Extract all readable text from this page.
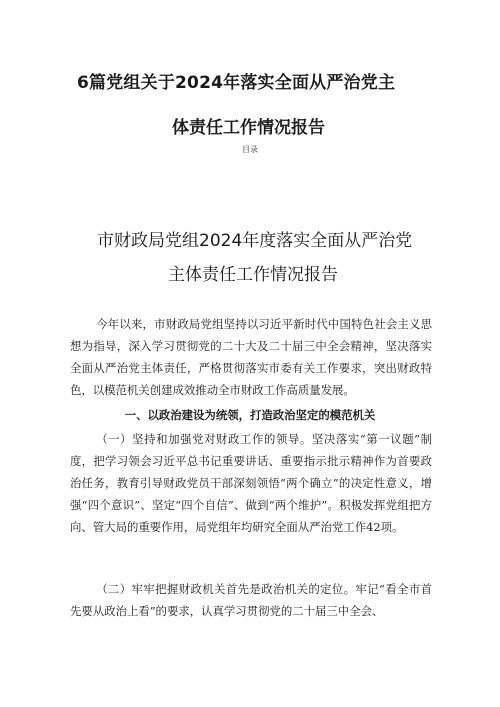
6篇党组关于2024年落实全面从严治党主
体责任工作情况报告
目录
市财政局党组2024年度落实全面从严治党
主体责任工作情况报告

今年以来，市财政局党组坚持以习近平新时代中国特色社会主义思想为指导，深入学习贯彻党的二十大及二十届三中全会精神，坚决落实全面从严治党主体责任，严格贯彻落实市委有关工作要求，突出财政特色，以模范机关创建成效推动全市财政工作高质量发展。

一、以政治建设为统领，打造政治坚定的模范机关

（一）坚持和加强党对财政工作的领导。坚决落实“第一议题”制度，把学习领会习近平总书记重要讲话、重要指示批示精神作为首要政治任务，教育引导财政党员干部深刻领悟“两个确立”的决定性意义，增强“四个意识”、坚定“四个自信”、做到“两个维护”。积极发挥党组把方向、管大局的重要作用，局党组年均研究全面从严治党工作42项。

（二）牢牢把握财政机关首先是政治机关的定位。牢记“看全市首先要从政治上看”的要求，认真学习贯彻党的二十届三中全会、
